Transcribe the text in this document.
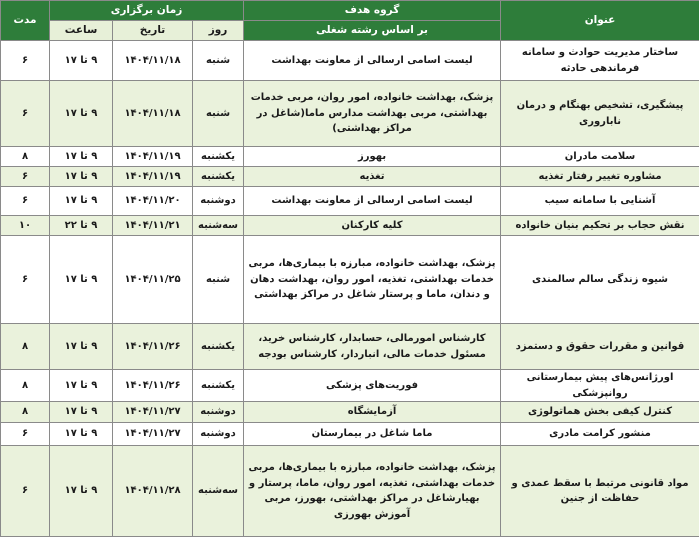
عنوان	گروه هدف	زمان برگزاری			مدت
	بر اساس رشته شغلی	روز	تاریخ	ساعت	
ساختار مدیریت حوادث و سامانه فرماندهی حادثه	لیست اسامی ارسالی از معاونت بهداشت	شنبه	۱۴۰۴/۱۱/۱۸	۹ تا ۱۷	۶
پیشگیری، تشخیص بهنگام و درمان ناباروری	پزشک، بهداشت خانواده، امور روان، مربی خدمات بهداشتی، مربی بهداشت مدارس ماما(شاغل در مراکز بهداشتی)	شنبه	۱۴۰۴/۱۱/۱۸	۹ تا ۱۷	۶
سلامت مادران	بهورز	یکشنبه	۱۴۰۴/۱۱/۱۹	۹ تا ۱۷	۸
مشاوره تغییر رفتار تغذیه	تغذیه	یکشنبه	۱۴۰۴/۱۱/۱۹	۹ تا ۱۷	۶
آشنایی با سامانه سیب	لیست اسامی ارسالی از معاونت بهداشت	دوشنبه	۱۴۰۴/۱۱/۲۰	۹ تا ۱۷	۶
نقش حجاب بر تحکیم بنیان خانواده	کلیه کارکنان	سه‌شنبه	۱۴۰۴/۱۱/۲۱	۹ تا ۲۲	۱۰
شیوه زندگی سالم سالمندی	پزشک، بهداشت خانواده، مبارزه با بیماری‌ها، مربی خدمات بهداشتی، تغذیه، امور روان، بهداشت دهان و دندان، ماما و پرستار شاغل در مراکز بهداشتی	شنبه	۱۴۰۴/۱۱/۲۵	۹ تا ۱۷	۶
قوانین و مقررات حقوق و دستمزد	کارشناس امورمالی، حسابدار، کارشناس خرید، مسئول خدمات مالی، انباردار، کارشناس بودجه	یکشنبه	۱۴۰۴/۱۱/۲۶	۹ تا ۱۷	۸
اورژانس‌های پیش بیمارستانی روانپزشکی	فوریت‌های پزشکی	یکشنبه	۱۴۰۴/۱۱/۲۶	۹ تا ۱۷	۸
کنترل کیفی بخش هماتولوژی	آزمایشگاه	دوشنبه	۱۴۰۴/۱۱/۲۷	۹ تا ۱۷	۸
منشور کرامت مادری	ماما شاغل در بیمارستان	دوشنبه	۱۴۰۴/۱۱/۲۷	۹ تا ۱۷	۶
مواد قانونی مرتبط با سقط عمدی و حفاظت از جنین	پزشک، بهداشت خانواده، مبارزه با بیماری‌ها، مربی خدمات بهداشتی، تغذیه، امور روان، ماما، پرستار و بهیارشاغل در مراکز بهداشتی، بهورز، مربی آموزش بهورزی	سه‌شنبه	۱۴۰۴/۱۱/۲۸	۹ تا ۱۷	۶
